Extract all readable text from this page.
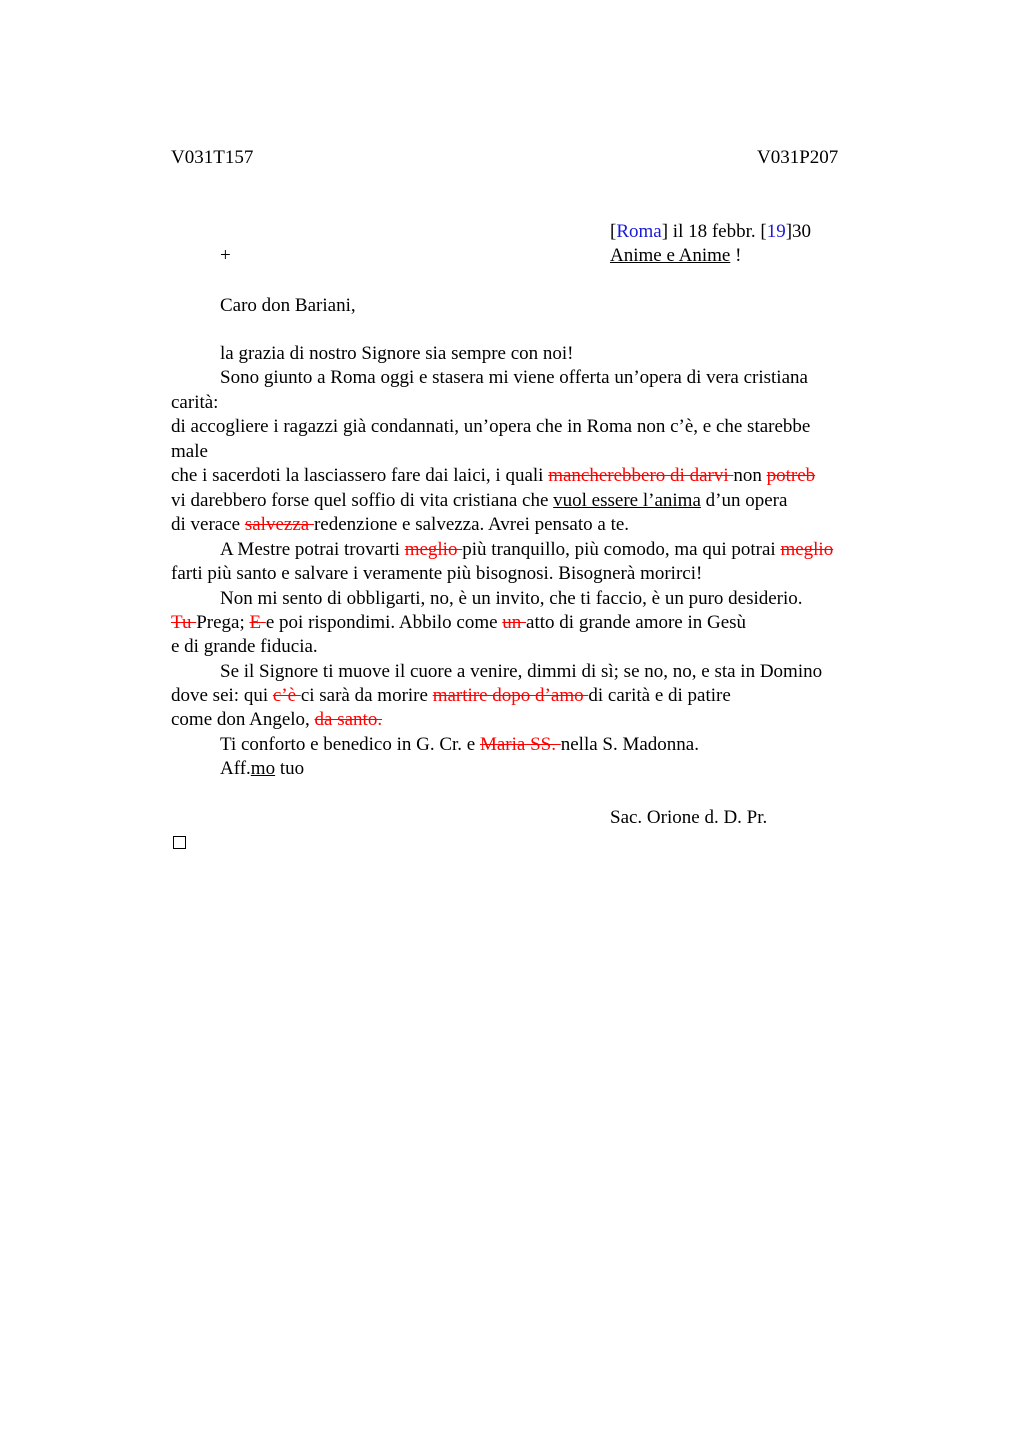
V031T157	V031P207
[Roma] il 18 febbr. [19]30
+	Anime e Anime !
Caro don Bariani,
la grazia di nostro Signore sia sempre con noi!
Sono giunto a Roma oggi e stasera mi viene offerta un’opera di vera cristiana
carità:
di accogliere i ragazzi già condannati, un’opera che in Roma non c’è, e che starebbe
male
che i sacerdoti la lasciassero fare dai laici, i quali mancherebbero di darvi non potreb
vi darebbero forse quel soffio di vita cristiana che vuol essere l’anima d’un opera
di verace salvezza redenzione e salvezza. Avrei pensato a te.
A Mestre potrai trovarti meglio più tranquillo, più comodo, ma qui potrai meglio
farti più santo e salvare i veramente più bisognosi. Bisognerà morirci!
Non mi sento di obbligarti, no, è un invito, che ti faccio, è un puro desiderio.
Tu Prega; E e poi rispondimi. Abbilo come un atto di grande amore in Gesù
e di grande fiducia.
Se il Signore ti muove il cuore a venire, dimmi di sì; se no, no, e sta in Domino
dove sei: qui c’è ci sarà da morire martire dopo d’amo di carità e di patire
come don Angelo, da santo.
Ti conforto e benedico in G. Cr. e Maria SS. nella S. Madonna.
Aff.mo tuo
Sac. Orione d. D. Pr.
